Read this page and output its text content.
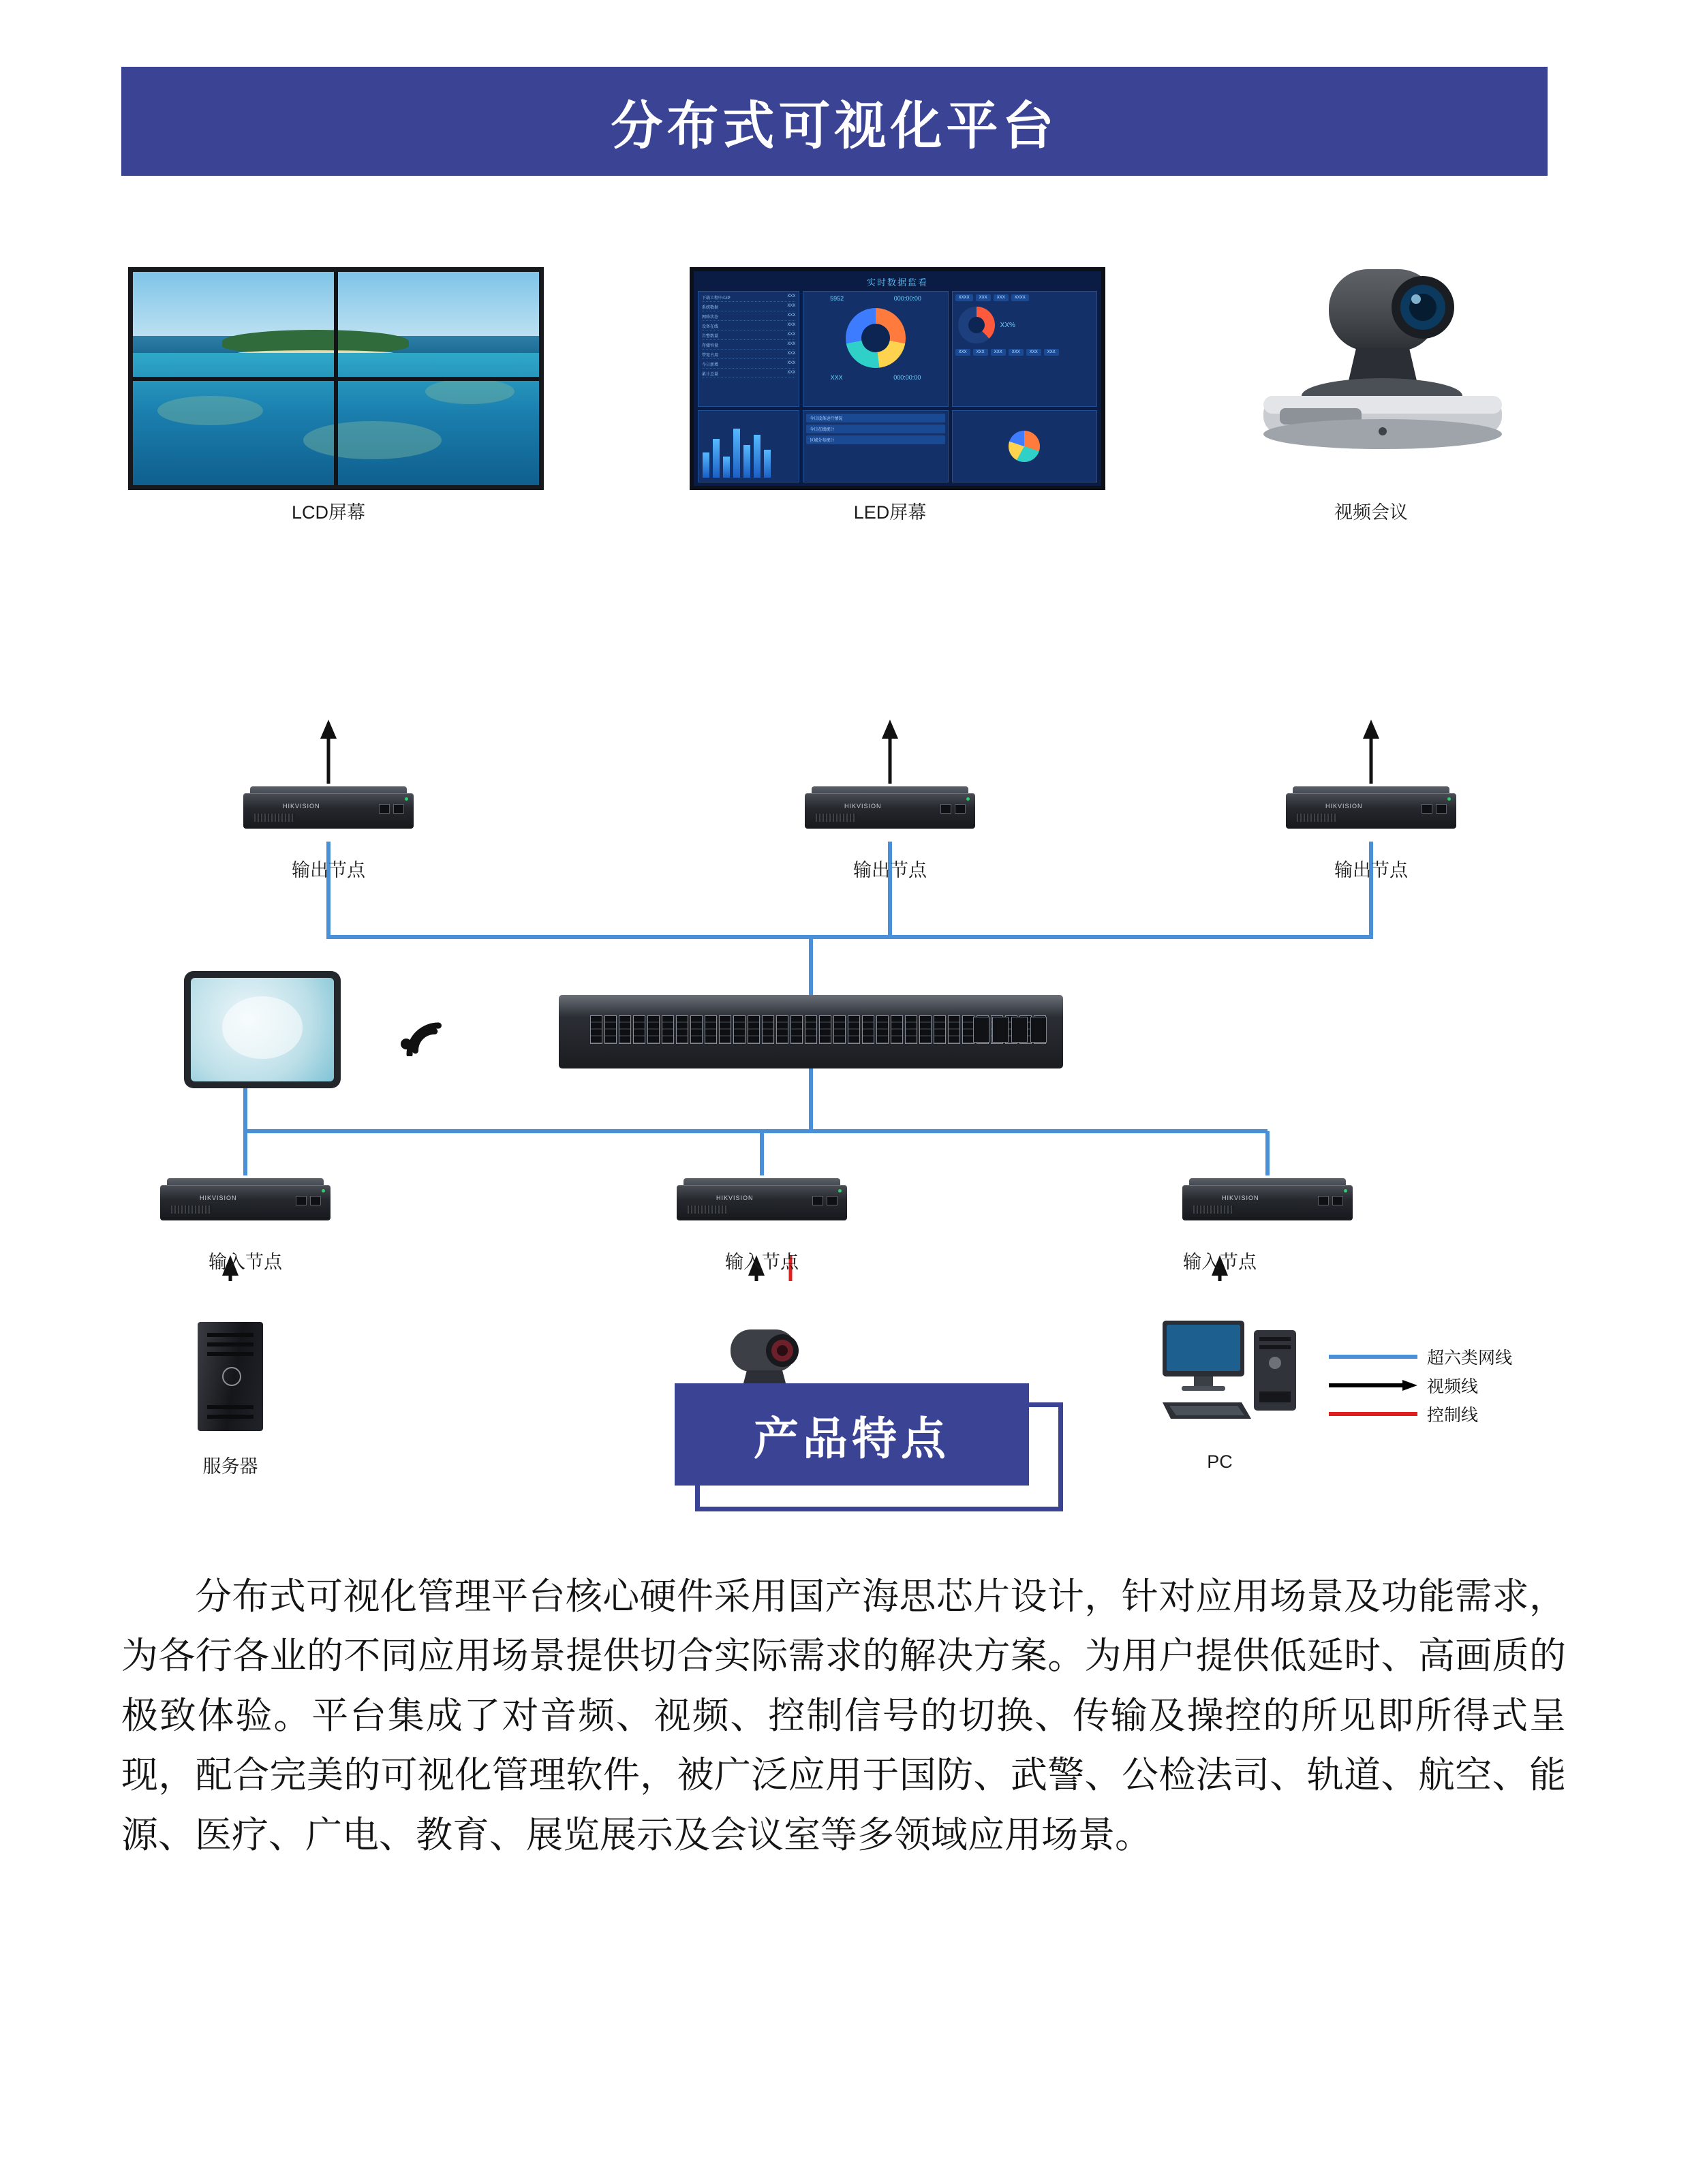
分布式可视化平台
LCD屏幕
实时数据监看
下载工程中心IP	XXX
系统数据	XXX
网络状态	XXX
设备在线	XXX
告警数量	XXX
存储容量	XXX
带宽占用	XXX
今日新增	XXX
累计总量	XXX
5952	000:00:00
XXX	000:00:00
XXXX	XXX	XXX	XXXX
XX%
XXX	XXX	XXX	XXX	XXX	XXX
今日设备运行情况
今日在线统计
区域分布统计
LED屏幕	视频会议
HIKVISION
输出节点
HIKVISION
输出节点
HIKVISION
输出节点
HIKVISION
输入节点
HIKVISION
输入节点
HIKVISION
输入节点
服务器	PC
超六类网线
视频线
控制线
产品特点
分布式可视化管理平台核心硬件采用国产海思芯片设计，针对应用场景及功能需求，为各行各业的不同应用场景提供切合实际需求的解决方案。为用户提供低延时、高画质的极致体验。平台集成了对音频、视频、控制信号的切换、传输及操控的所见即所得式呈现，配合完美的可视化管理软件，被广泛应用于国防、武警、公检法司、轨道、航空、能源、医疗、广电、教育、展览展示及会议室等多领域应用场景。
